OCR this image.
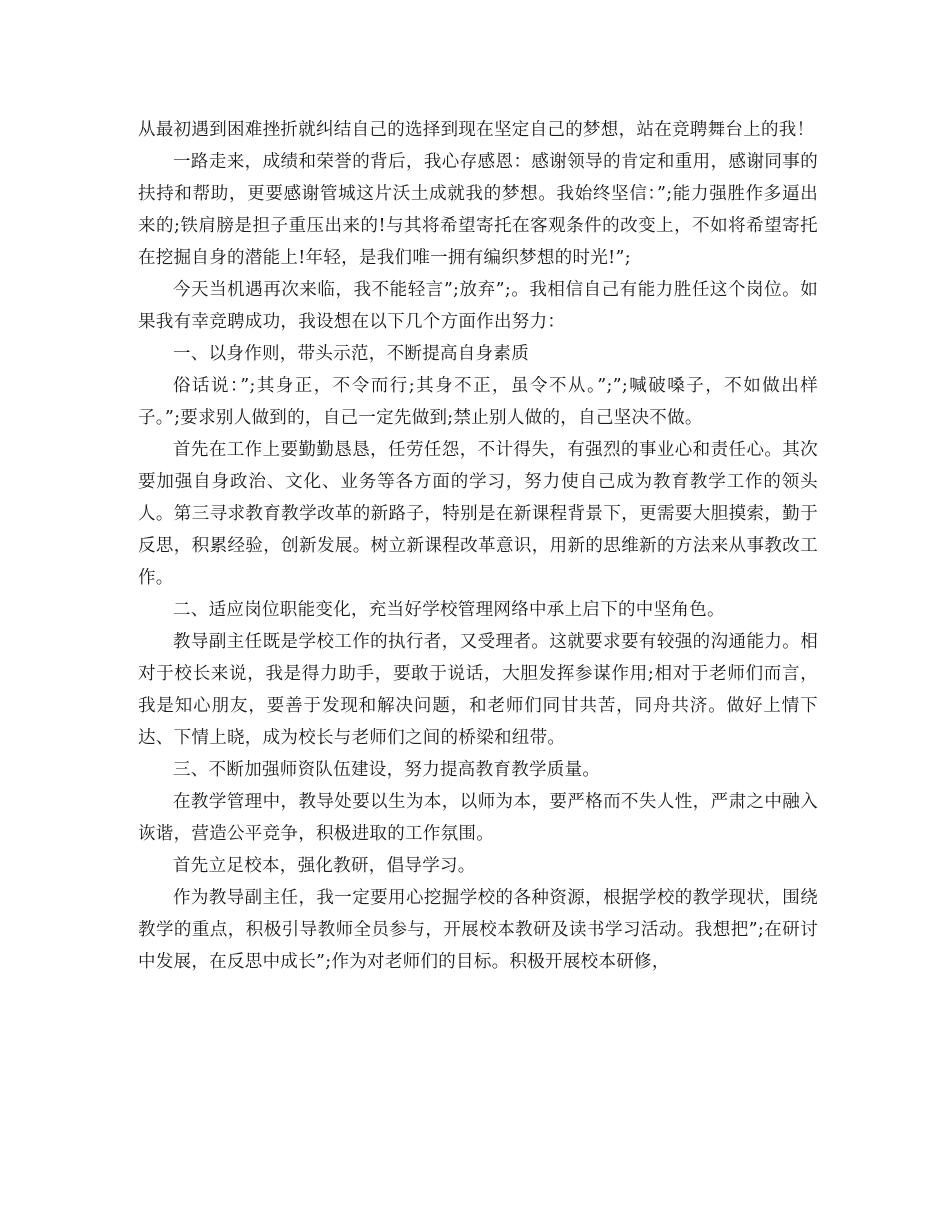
从最初遇到困难挫折就纠结自己的选择到现在坚定自己的梦想，站在竞聘舞台上的我！

一路走来，成绩和荣誉的背后，我心存感恩：感谢领导的肯定和重用，感谢同事的扶持和帮助，更要感谢管城这片沃土成就我的梦想。我始终坚信：”;能力强胜作多逼出来的;铁肩膀是担子重压出来的!与其将希望寄托在客观条件的改变上，不如将希望寄托在挖掘自身的潜能上!年轻，是我们唯一拥有编织梦想的时光!”;

今天当机遇再次来临，我不能轻言”;放弃”;。我相信自己有能力胜任这个岗位。如果我有幸竞聘成功，我设想在以下几个方面作出努力：

一、以身作则，带头示范，不断提高自身素质

俗话说：”;其身正，不令而行;其身不正，虽令不从。”;”;喊破嗓子，不如做出样子。”;要求别人做到的，自己一定先做到;禁止别人做的，自己坚决不做。

首先在工作上要勤勤恳恳，任劳任怨，不计得失，有强烈的事业心和责任心。其次要加强自身政治、文化、业务等各方面的学习，努力使自己成为教育教学工作的领头人。第三寻求教育教学改革的新路子，特别是在新课程背景下，更需要大胆摸索，勤于反思，积累经验，创新发展。树立新课程改革意识，用新的思维新的方法来从事教改工作。

二、适应岗位职能变化，充当好学校管理网络中承上启下的中坚角色。

教导副主任既是学校工作的执行者，又受理者。这就要求要有较强的沟通能力。相对于校长来说，我是得力助手，要敢于说话，大胆发挥参谋作用;相对于老师们而言，我是知心朋友，要善于发现和解决问题，和老师们同甘共苦，同舟共济。做好上情下达、下情上晓，成为校长与老师们之间的桥梁和纽带。

三、不断加强师资队伍建设，努力提高教育教学质量。

在教学管理中，教导处要以生为本，以师为本，要严格而不失人性，严肃之中融入诙谐，营造公平竞争，积极进取的工作氛围。

首先立足校本，强化教研，倡导学习。

作为教导副主任，我一定要用心挖掘学校的各种资源，根据学校的教学现状，围绕教学的重点，积极引导教师全员参与，开展校本教研及读书学习活动。我想把”;在研讨中发展，在反思中成长”;作为对老师们的目标。积极开展校本研修，
